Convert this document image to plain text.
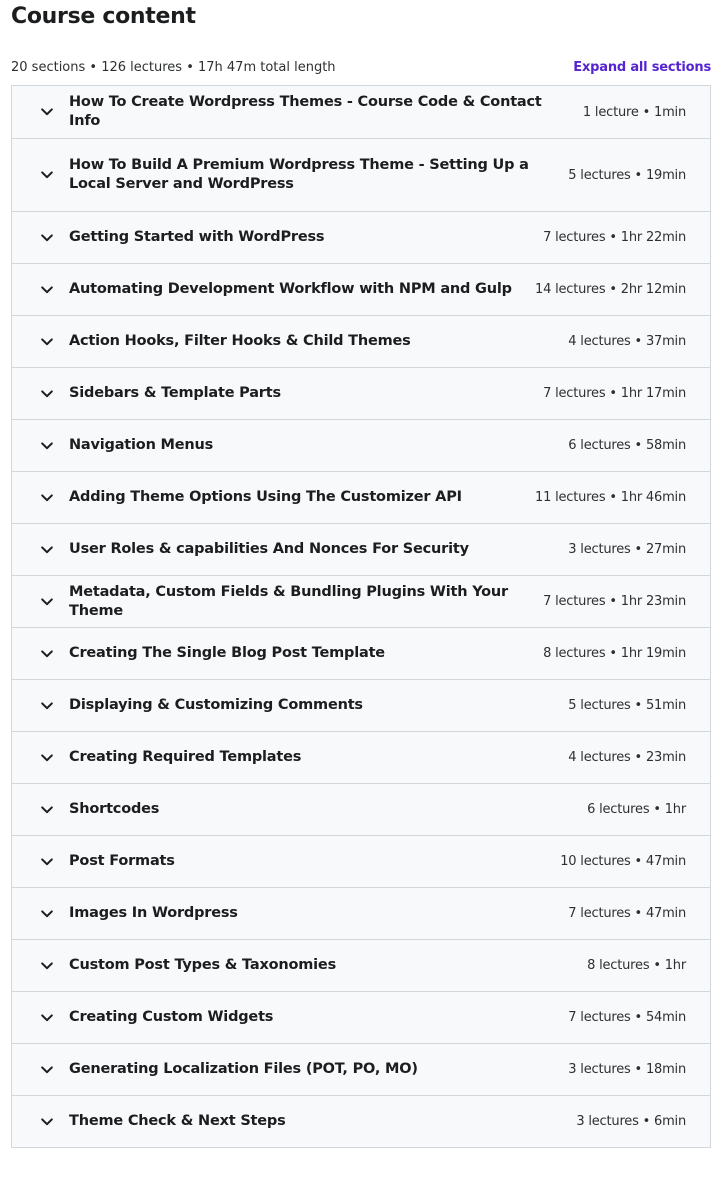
Course content
20 sections • 126 lectures • 17h 47m total length	Expand all sections
How To Create Wordpress Themes - Course Code & Contact Info
1 lecture • 1min
How To Build A Premium Wordpress Theme - Setting Up a Local Server and WordPress
5 lectures • 19min
Getting Started with WordPress	7 lectures • 1hr 22min
Automating Development Workflow with NPM and Gulp	14 lectures • 2hr 12min
Action Hooks, Filter Hooks & Child Themes	4 lectures • 37min
Sidebars & Template Parts	7 lectures • 1hr 17min
Navigation Menus	6 lectures • 58min
Adding Theme Options Using The Customizer API	11 lectures • 1hr 46min
User Roles & capabilities And Nonces For Security	3 lectures • 27min
Metadata, Custom Fields & Bundling Plugins With Your Theme
7 lectures • 1hr 23min
Creating The Single Blog Post Template	8 lectures • 1hr 19min
Displaying & Customizing Comments	5 lectures • 51min
Creating Required Templates	4 lectures • 23min
Shortcodes	6 lectures • 1hr
Post Formats	10 lectures • 47min
Images In Wordpress	7 lectures • 47min
Custom Post Types & Taxonomies	8 lectures • 1hr
Creating Custom Widgets	7 lectures • 54min
Generating Localization Files (POT, PO, MO)	3 lectures • 18min
Theme Check & Next Steps	3 lectures • 6min
